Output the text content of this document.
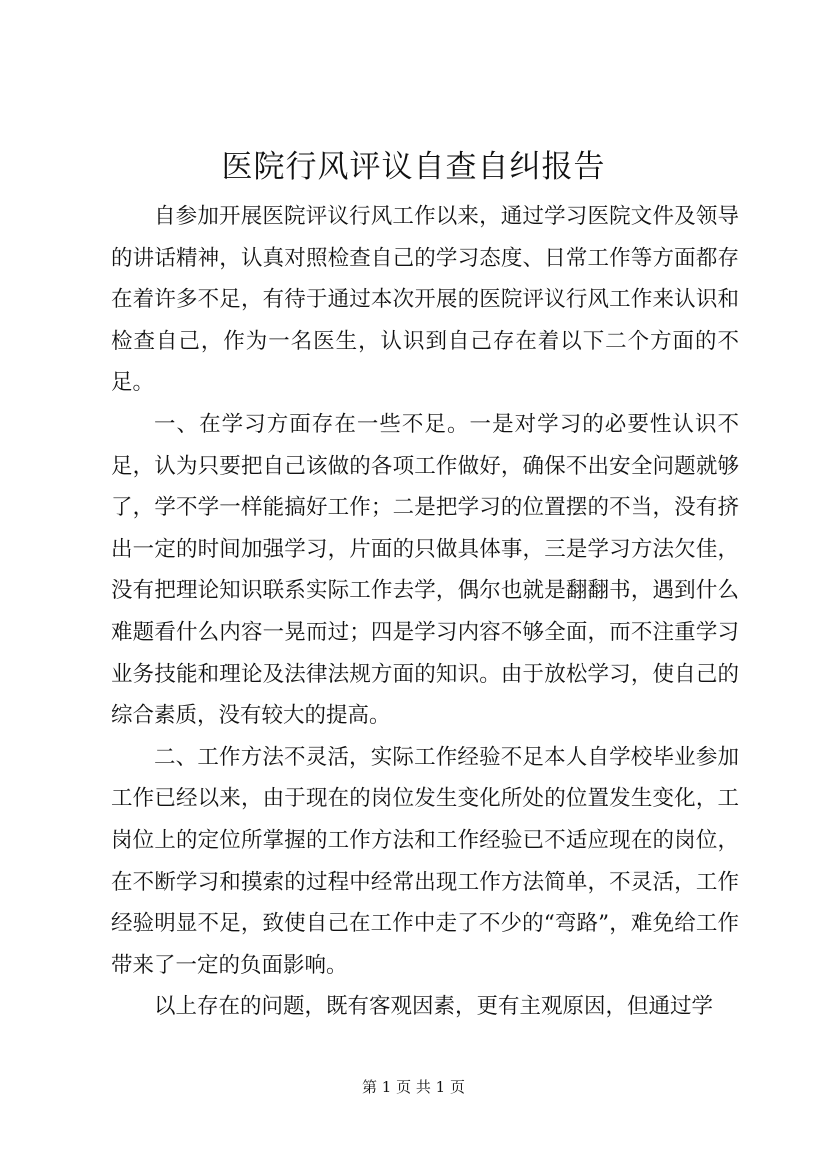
医院行风评议自查自纠报告

自参加开展医院评议行风工作以来，通过学习医院文件及领导的讲话精神，认真对照检查自己的学习态度、日常工作等方面都存在着许多不足，有待于通过本次开展的医院评议行风工作来认识和检查自己，作为一名医生，认识到自己存在着以下二个方面的不足。

一、在学习方面存在一些不足。一是对学习的必要性认识不足，认为只要把自己该做的各项工作做好，确保不出安全问题就够了，学不学一样能搞好工作；二是把学习的位置摆的不当，没有挤出一定的时间加强学习，片面的只做具体事，三是学习方法欠佳，没有把理论知识联系实际工作去学，偶尔也就是翻翻书，遇到什么难题看什么内容一晃而过；四是学习内容不够全面，而不注重学习业务技能和理论及法律法规方面的知识。由于放松学习，使自己的综合素质，没有较大的提高。

二、工作方法不灵活，实际工作经验不足本人自学校毕业参加工作已经以来，由于现在的岗位发生变化所处的位置发生变化，工岗位上的定位所掌握的工作方法和工作经验已不适应现在的岗位，在不断学习和摸索的过程中经常出现工作方法简单，不灵活，工作经验明显不足，致使自己在工作中走了不少的“弯路”，难免给工作带来了一定的负面影响。

以上存在的问题，既有客观因素，更有主观原因，但通过学

第 1 页 共 1 页
